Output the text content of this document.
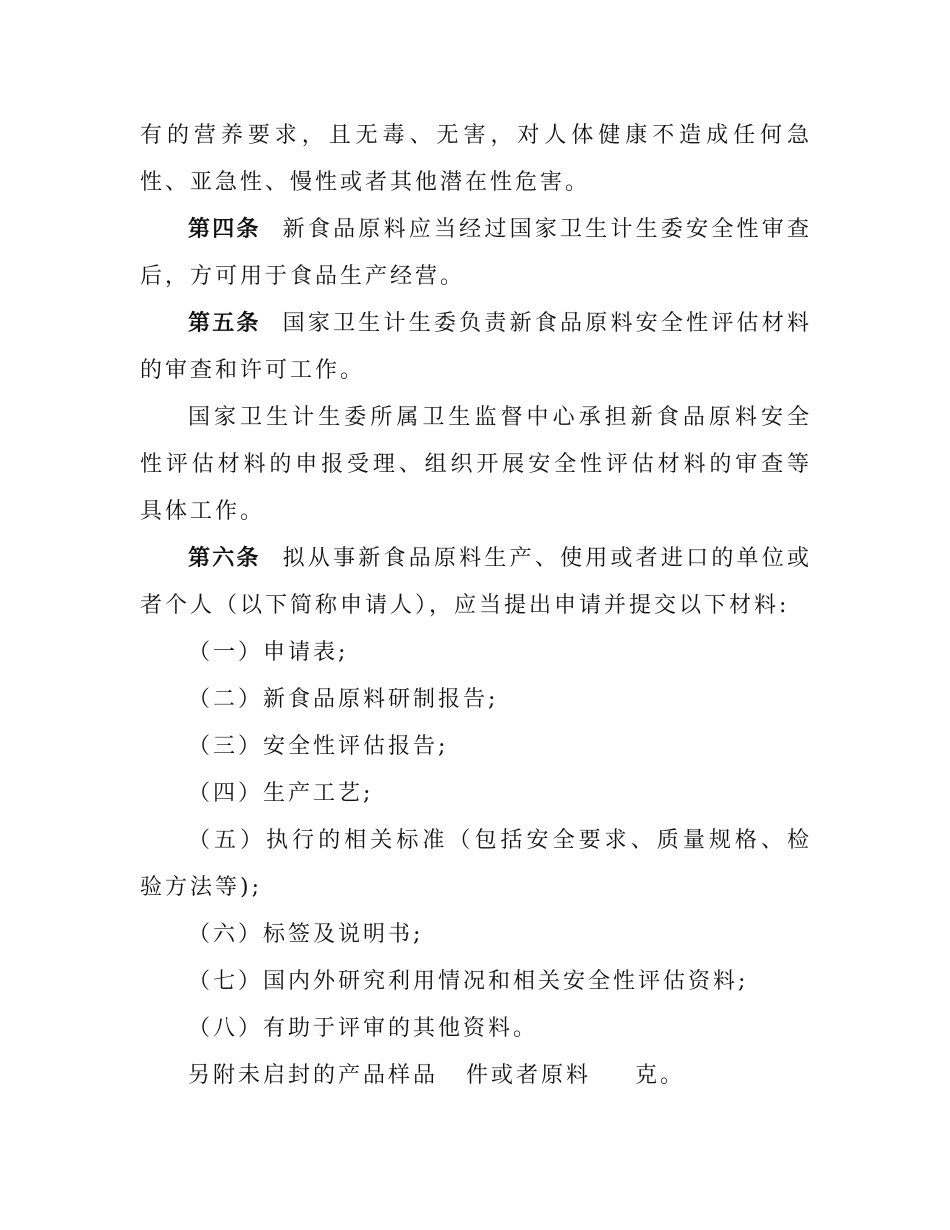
有的营养要求，且无毒、无害，对人体健康不造成任何急性、亚急性、慢性或者其他潜在性危害。

第四条 新食品原料应当经过国家卫生计生委安全性审查后，方可用于食品生产经营。

第五条 国家卫生计生委负责新食品原料安全性评估材料的审查和许可工作。

国家卫生计生委所属卫生监督中心承担新食品原料安全性评估材料的申报受理、组织开展安全性评估材料的审查等具体工作。

第六条 拟从事新食品原料生产、使用或者进口的单位或者个人（以下简称申请人），应当提出申请并提交以下材料:

（一）申请表;

（二）新食品原料研制报告;

（三）安全性评估报告;

（四）生产工艺;

（五）执行的相关标准（包括安全要求、质量规格、检验方法等);

（六）标签及说明书;

（七）国内外研究利用情况和相关安全性评估资料;

（八）有助于评审的其他资料。

另附未启封的产品样品 件或者原料 克。
